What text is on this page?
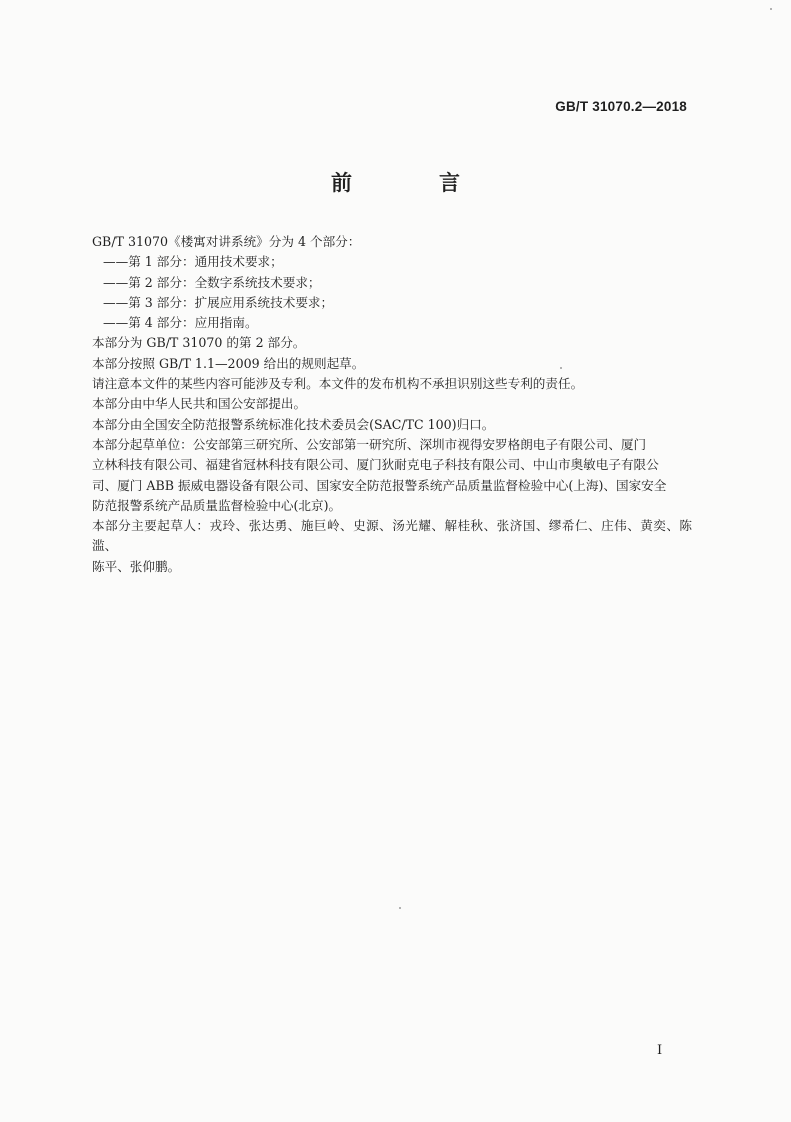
GB/T 31070.2—2018
前　言

GB/T 31070《楼寓对讲系统》分为 4 个部分：

——第 1 部分：通用技术要求；

——第 2 部分：全数字系统技术要求；

——第 3 部分：扩展应用系统技术要求；

——第 4 部分：应用指南。

本部分为 GB/T 31070 的第 2 部分。

本部分按照 GB/T 1.1—2009 给出的规则起草。

请注意本文件的某些内容可能涉及专利。本文件的发布机构不承担识别这些专利的责任。

本部分由中华人民共和国公安部提出。

本部分由全国安全防范报警系统标准化技术委员会(SAC/TC 100)归口。

本部分起草单位：公安部第三研究所、公安部第一研究所、深圳市视得安罗格朗电子有限公司、厦门

立林科技有限公司、福建省冠林科技有限公司、厦门狄耐克电子科技有限公司、中山市奥敏电子有限公

司、厦门 ABB 振威电器设备有限公司、国家安全防范报警系统产品质量监督检验中心(上海)、国家安全

防范报警系统产品质量监督检验中心(北京)。

本部分主要起草人：戎玲、张达勇、施巨岭、史源、汤光耀、解桂秋、张济国、缪希仁、庄伟、黄奕、陈滥、

陈平、张仰鹏。

I
